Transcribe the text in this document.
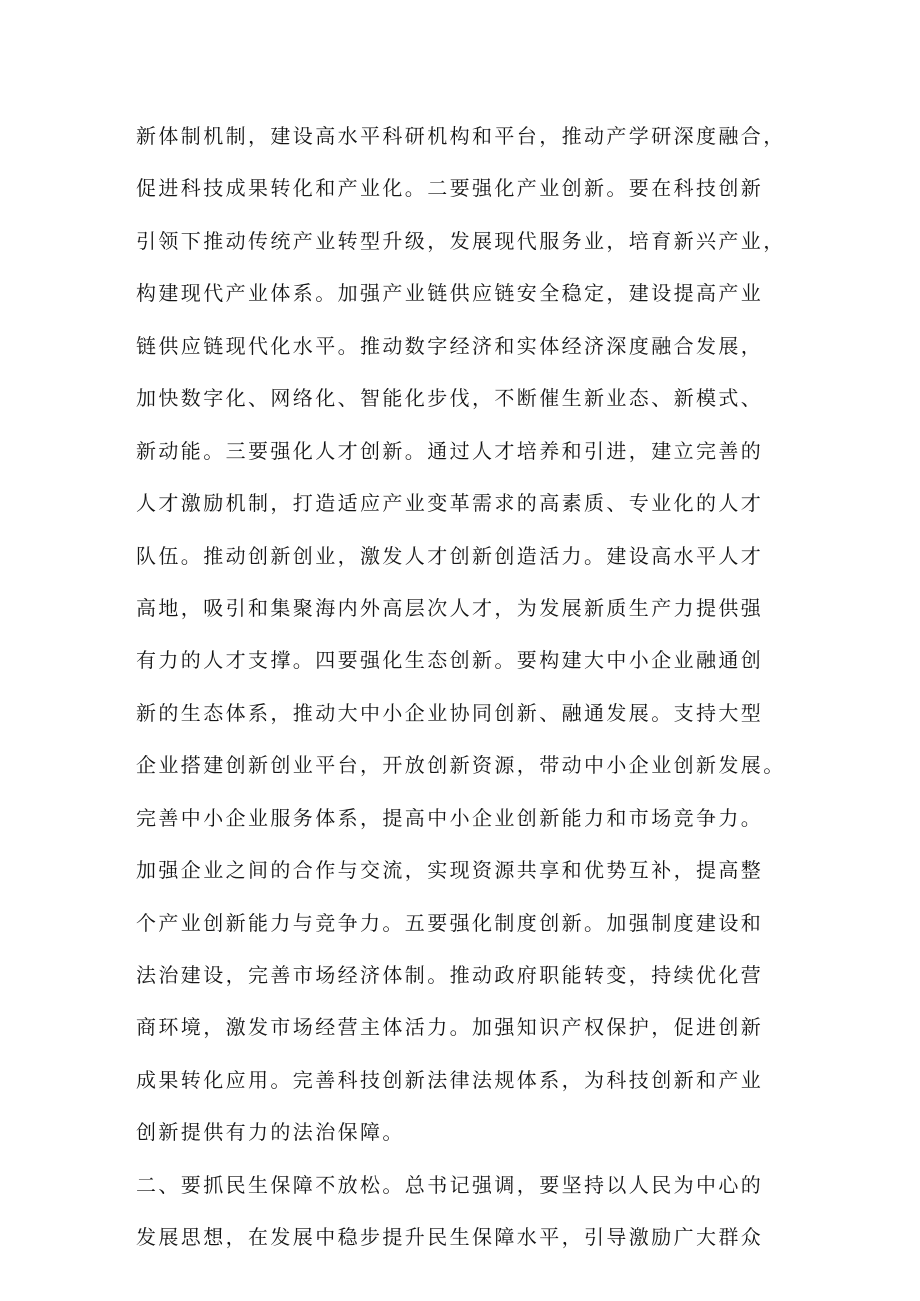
新体制机制，建设高水平科研机构和平台，推动产学研深度融合，
促进科技成果转化和产业化。二要强化产业创新。要在科技创新
引领下推动传统产业转型升级，发展现代服务业，培育新兴产业，
构建现代产业体系。加强产业链供应链安全稳定，建设提高产业
链供应链现代化水平。推动数字经济和实体经济深度融合发展，
加快数字化、网络化、智能化步伐，不断催生新业态、新模式、
新动能。三要强化人才创新。通过人才培养和引进，建立完善的
人才激励机制，打造适应产业变革需求的高素质、专业化的人才
队伍。推动创新创业，激发人才创新创造活力。建设高水平人才
高地，吸引和集聚海内外高层次人才，为发展新质生产力提供强
有力的人才支撑。四要强化生态创新。要构建大中小企业融通创
新的生态体系，推动大中小企业协同创新、融通发展。支持大型
企业搭建创新创业平台，开放创新资源，带动中小企业创新发展。
完善中小企业服务体系，提高中小企业创新能力和市场竞争力。
加强企业之间的合作与交流，实现资源共享和优势互补，提高整
个产业创新能力与竞争力。五要强化制度创新。加强制度建设和
法治建设，完善市场经济体制。推动政府职能转变，持续优化营
商环境，激发市场经营主体活力。加强知识产权保护，促进创新
成果转化应用。完善科技创新法律法规体系，为科技创新和产业
创新提供有力的法治保障。
二、要抓民生保障不放松。总书记强调，要坚持以人民为中心的
发展思想，在发展中稳步提升民生保障水平，引导激励广大群众
